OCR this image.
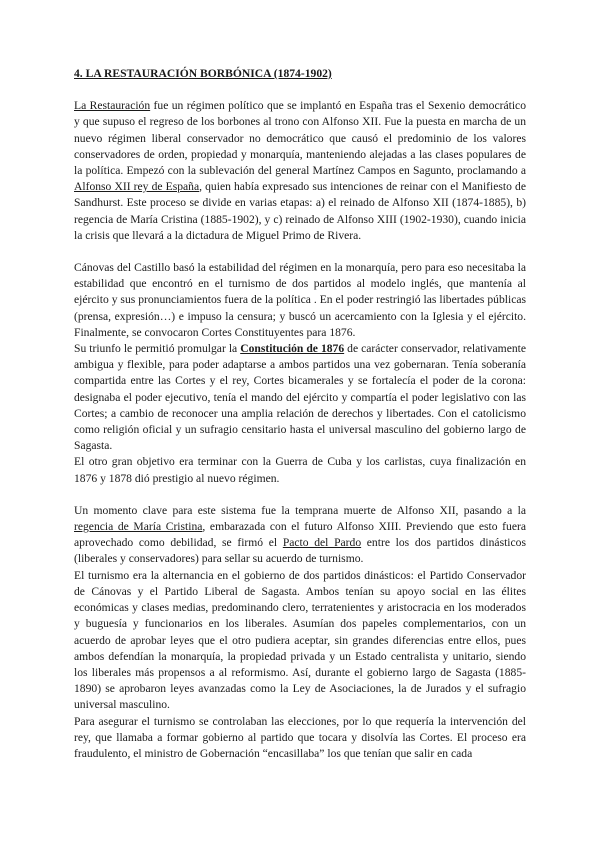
4. LA RESTAURACIÓN BORBÓNICA (1874-1902)

La Restauración fue un régimen político que se implantó en España tras el Sexenio democrático y que supuso el regreso de los borbones al trono con Alfonso XII. Fue la puesta en marcha de un nuevo régimen liberal conservador no democrático que causó el predominio de los valores conservadores de orden, propiedad y monarquía, manteniendo alejadas a las clases populares de la política. Empezó con la sublevación del general Martínez Campos en Sagunto, proclamando a Alfonso XII rey de España, quien había expresado sus intenciones de reinar con el Manifiesto de Sandhurst. Este proceso se divide en varias etapas: a) el reinado de Alfonso XII (1874-1885), b) regencia de María Cristina (1885-1902), y c) reinado de Alfonso XIII (1902-1930), cuando inicia la crisis que llevará a la dictadura de Miguel Primo de Rivera.

Cánovas del Castillo basó la estabilidad del régimen en la monarquía, pero para eso necesitaba la estabilidad que encontró en el turnismo de dos partidos al modelo inglés, que mantenía al ejército y sus pronunciamientos fuera de la política . En el poder restringió las libertades públicas (prensa, expresión…) e impuso la censura; y buscó un acercamiento con la Iglesia y el ejército. Finalmente, se convocaron Cortes Constituyentes para 1876.

Su triunfo le permitió promulgar la Constitución de 1876 de carácter conservador, relativamente ambigua y flexible, para poder adaptarse a ambos partidos una vez gobernaran. Tenía soberanía compartida entre las Cortes y el rey, Cortes bicamerales y se fortalecía el poder de la corona: designaba el poder ejecutivo, tenía el mando del ejército y compartía el poder legislativo con las Cortes; a cambio de reconocer una amplia relación de derechos y libertades. Con el catolicismo como religión oficial y un sufragio censitario hasta el universal masculino del gobierno largo de Sagasta.

El otro gran objetivo era terminar con la Guerra de Cuba y los carlistas, cuya finalización en 1876 y 1878 dió prestigio al nuevo régimen.

Un momento clave para este sistema fue la temprana muerte de Alfonso XII, pasando a la regencia de María Cristina, embarazada con el futuro Alfonso XIII. Previendo que esto fuera aprovechado como debilidad, se firmó el Pacto del Pardo entre los dos partidos dinásticos (liberales y conservadores) para sellar su acuerdo de turnismo.

El turnismo era la alternancia en el gobierno de dos partidos dinásticos: el Partido Conservador de Cánovas y el Partido Liberal de Sagasta. Ambos tenían su apoyo social en las élites económicas y clases medias, predominando clero, terratenientes y aristocracia en los moderados y buguesía y funcionarios en los liberales. Asumían dos papeles complementarios, con un acuerdo de aprobar leyes que el otro pudiera aceptar, sin grandes diferencias entre ellos, pues ambos defendían la monarquía, la propiedad privada y un Estado centralista y unitario, siendo los liberales más propensos a al reformismo. Así, durante el gobierno largo de Sagasta (1885-1890) se aprobaron leyes avanzadas como la Ley de Asociaciones, la de Jurados y el sufragio universal masculino.

Para asegurar el turnismo se controlaban las elecciones, por lo que requería la intervención del rey, que llamaba a formar gobierno al partido que tocara y disolvía las Cortes. El proceso era fraudulento, el ministro de Gobernación “encasillaba” los que tenían que salir en cada
